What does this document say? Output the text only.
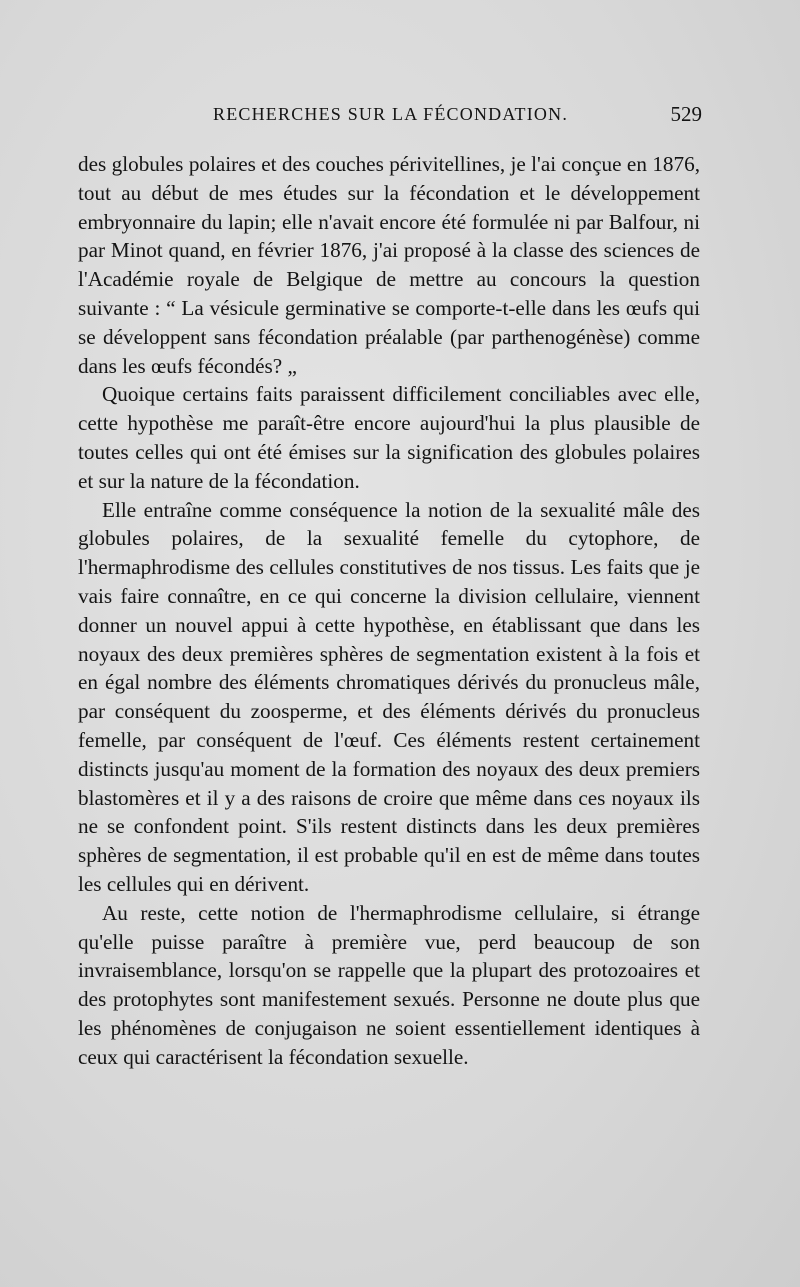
RECHERCHES SUR LA FÉCONDATION.	529

des globules polaires et des couches périvitellines, je l'ai conçue en 1876, tout au début de mes études sur la fécondation et le développement embryonnaire du lapin; elle n'avait encore été formulée ni par Balfour, ni par Minot quand, en février 1876, j'ai proposé à la classe des sciences de l'Académie royale de Belgique de mettre au concours la question suivante : “ La vésicule germinative se comporte-t-elle dans les œufs qui se développent sans fécondation préalable (par parthenogénèse) comme dans les œufs fécondés? „

Quoique certains faits paraissent difficilement conciliables avec elle, cette hypothèse me paraît-être encore aujourd'hui la plus plausible de toutes celles qui ont été émises sur la signification des globules polaires et sur la nature de la fécondation.

Elle entraîne comme conséquence la notion de la sexualité mâle des globules polaires, de la sexualité femelle du cytophore, de l'hermaphrodisme des cellules constitutives de nos tissus. Les faits que je vais faire connaître, en ce qui concerne la division cellulaire, viennent donner un nouvel appui à cette hypothèse, en établissant que dans les noyaux des deux premières sphères de segmentation existent à la fois et en égal nombre des éléments chromatiques dérivés du pronucleus mâle, par conséquent du zoosperme, et des éléments dérivés du pronucleus femelle, par conséquent de l'œuf. Ces éléments restent certainement distincts jusqu'au moment de la formation des noyaux des deux premiers blastomères et il y a des raisons de croire que même dans ces noyaux ils ne se confondent point. S'ils restent distincts dans les deux premières sphères de segmentation, il est probable qu'il en est de même dans toutes les cellules qui en dérivent.

Au reste, cette notion de l'hermaphrodisme cellulaire, si étrange qu'elle puisse paraître à première vue, perd beaucoup de son invraisemblance, lorsqu'on se rappelle que la plupart des protozoaires et des protophytes sont manifestement sexués. Personne ne doute plus que les phénomènes de conjugaison ne soient essentiellement identiques à ceux qui caractérisent la fécondation sexuelle.
